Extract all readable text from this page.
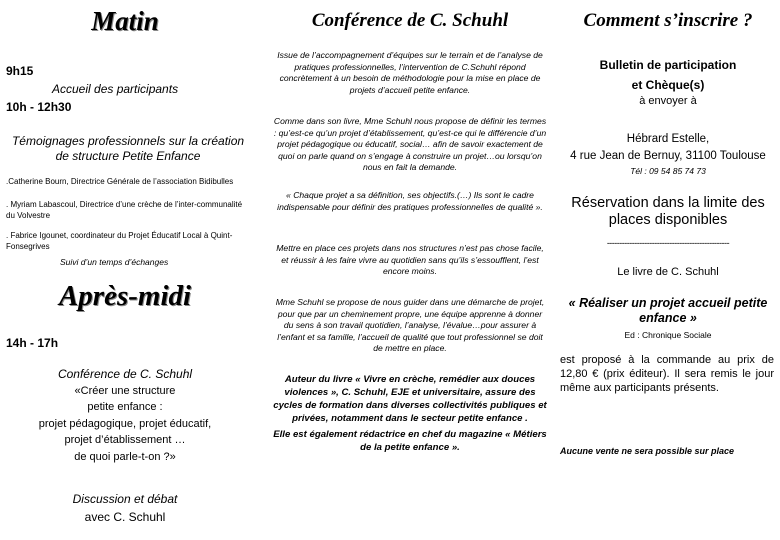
Matin
9h15
Accueil des participants
10h - 12h30
Témoignages professionnels sur la création de structure Petite Enfance
.Catherine Bourn, Directrice Générale de l’association Bidibulles
. Myriam Labascoul, Directrice d’une crèche de l’inter-communalité du Volvestre
. Fabrice Igounet, coordinateur du Projet Éducatif Local à Quint-Fonsegrives
Suivi d’un temps d’échanges
Après-midi
14h - 17h
Conférence de C. Schuhl
«Créer une structure
petite enfance :
projet pédagogique, projet éducatif,
projet d’établissement …
de quoi parle-t-on ?»
Discussion et débat
avec C. Schuhl
Conférence de C. Schuhl
Issue de l’accompagnement d’équipes sur le terrain et de l’analyse de pratiques professionnelles, l’intervention de C.Schuhl répond concrètement à un besoin de méthodologie pour la mise en place de projets d’accueil petite enfance.
Comme dans son livre, Mme Schuhl nous propose de définir les termes : qu’est-ce qu’un projet d’établissement, qu’est-ce qui le différencie d’un projet pédagogique ou éducatif, social… afin de savoir exactement de quoi on parle quand on s’engage à construire un projet…ou lorsqu’on nous en fait la demande.
« Chaque projet a sa définition, ses objectifs.(…) Ils sont le cadre indispensable pour définir des pratiques professionnelles de qualité ».
Mettre en place ces projets dans nos structures n’est pas chose facile, et réussir à les faire vivre au quotidien sans qu’ils s’essoufflent, l’est encore moins.
Mme Schuhl se propose de nous guider dans une démarche de projet, pour que par un cheminement propre, une équipe apprenne à donner du sens à son travail quotidien, l’analyse, l’évalue…pour assurer à l’enfant et sa famille, l’accueil de qualité que tout professionnel se doit de mettre en place.
Auteur du livre « Vivre en crèche, remédier aux douces violences », C. Schuhl, EJE et universitaire, assure des cycles de formation dans diverses collectivités publiques et privées, notamment dans le secteur petite enfance .
Elle est également rédactrice en chef du magazine « Métiers de la petite enfance ».
Comment s’inscrire ?
Bulletin de participation
et Chèque(s)
à envoyer à
Hébrard Estelle,
4 rue Jean de Bernuy, 31100 Toulouse
Tél : 09 54 85 74 73
Réservation dans la limite des places disponibles
-------------------------------------------------
Le livre de C. Schuhl
« Réaliser un projet accueil petite enfance »
Ed : Chronique Sociale
est proposé à la commande au prix de 12,80 € (prix éditeur). Il sera remis le jour même aux participants présents.
Aucune vente ne sera possible sur place
